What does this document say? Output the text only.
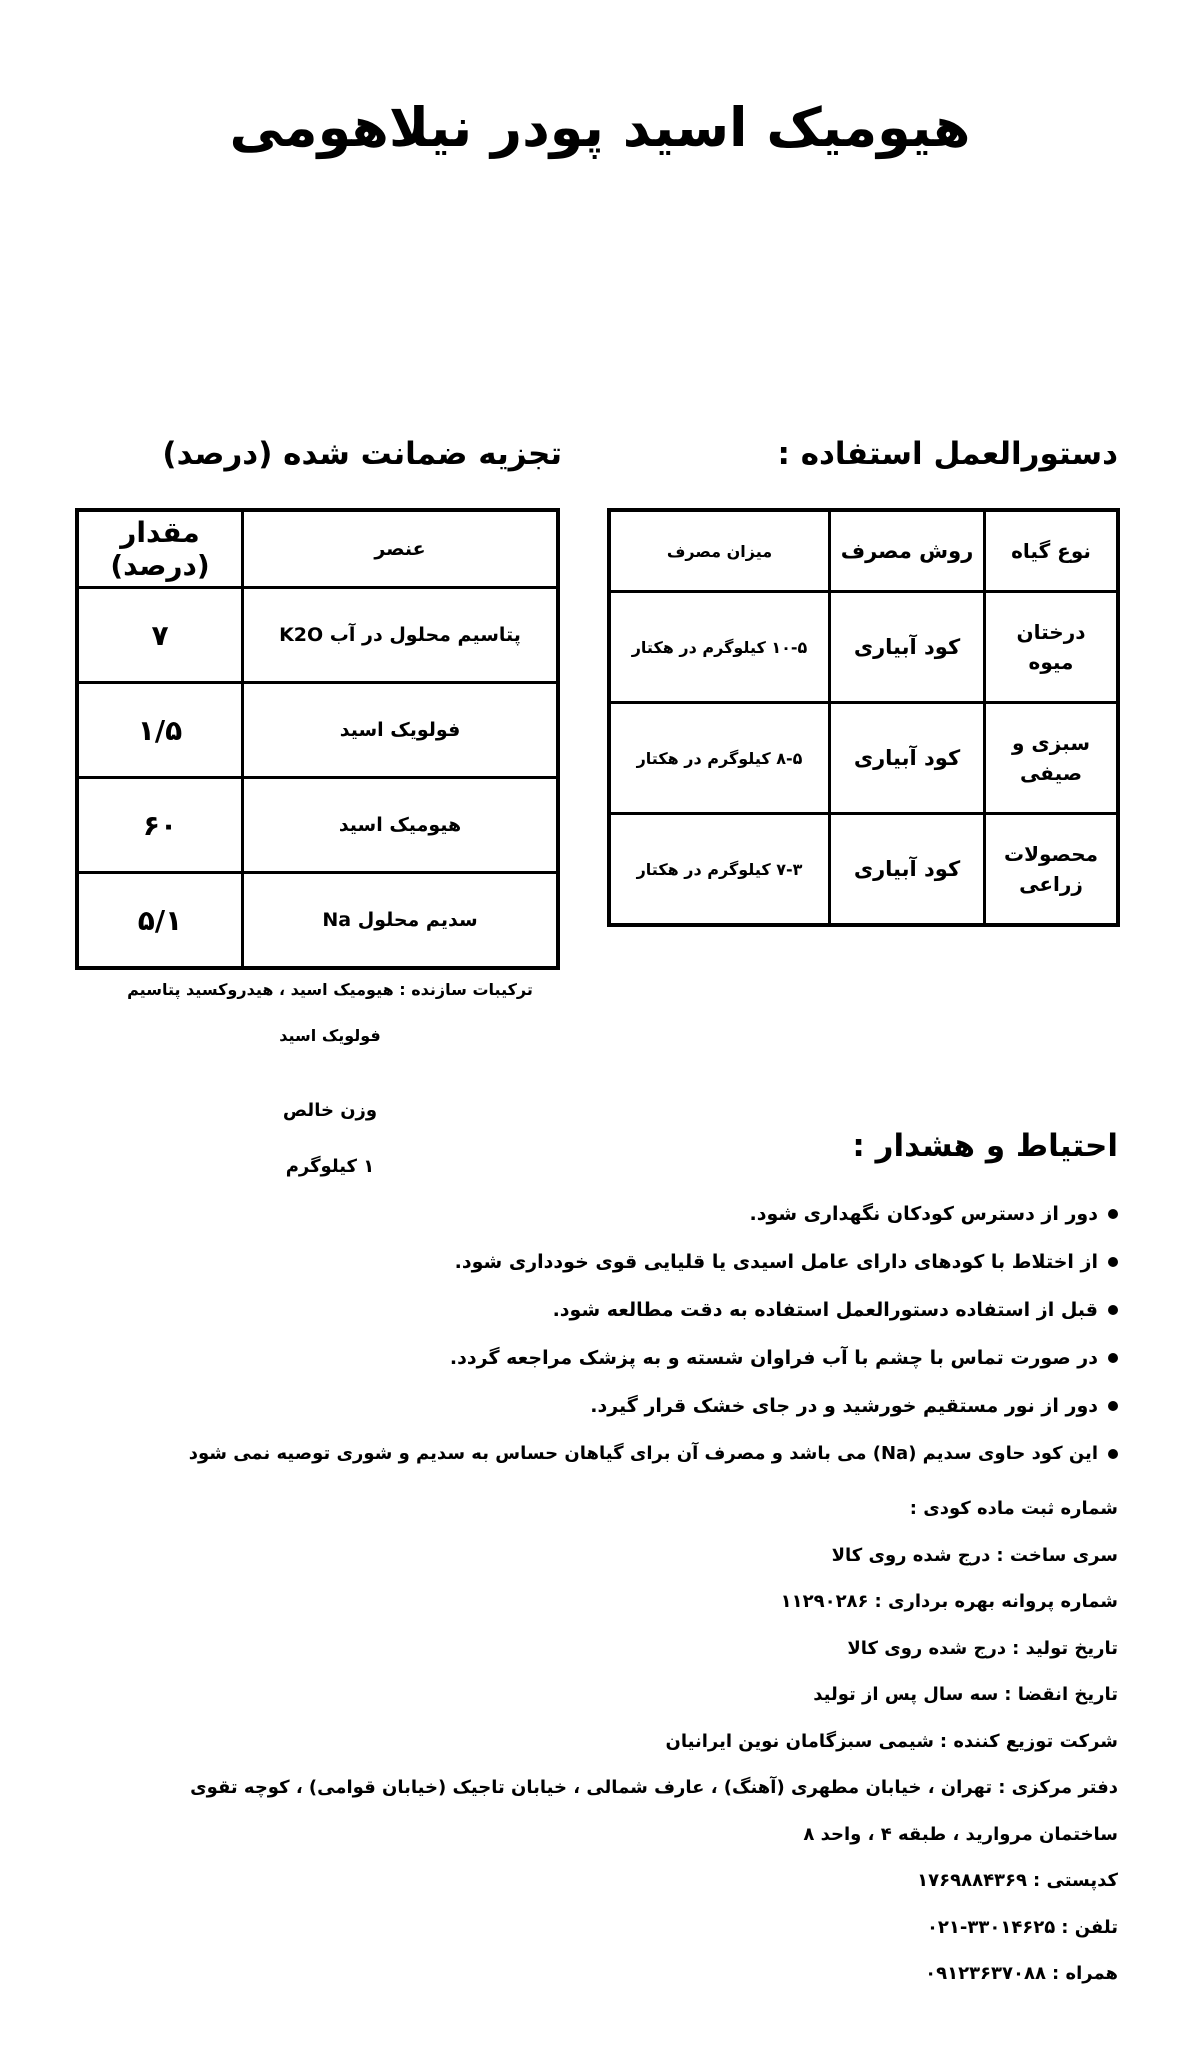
هیومیک اسید پودر نیلاهومی
دستورالعمل استفاده :
نوع گیاه	روش مصرف	میزان مصرف
درختان میوه	کود آبیاری	۱۰-۵ کیلوگرم در هکتار
سبزی و صیفی	کود آبیاری	۸-۵ کیلوگرم در هکتار
محصولات زراعی	کود آبیاری	۷-۳ کیلوگرم در هکتار
تجزیه ضمانت شده (درصد)
عنصر	مقدار (درصد)
پتاسیم محلول در آب K2O	۷
فولویک اسید	۱/۵
هیومیک اسید	۶۰
سدیم محلول Na	۵/۱
ترکیبات سازنده : هیومیک اسید ، هیدروکسید پتاسیم
فولویک اسید
وزن خالص
۱ کیلوگرم
احتیاط و هشدار :
دور از دسترس کودکان نگهداری شود.
از اختلاط با کودهای دارای عامل اسیدی یا قلیایی قوی خودداری شود.
قبل از استفاده دستورالعمل استفاده به دقت مطالعه شود.
در صورت تماس با چشم با آب فراوان شسته و به پزشک مراجعه گردد.
دور از نور مستقیم خورشید و در جای خشک قرار گیرد.
این کود حاوی سدیم (Na) می باشد و مصرف آن برای گیاهان حساس به سدیم و شوری توصیه نمی شود
شماره ثبت ماده کودی :
سری ساخت :
درج شده روی کالا
شماره پروانه بهره برداری :
۱۱۲۹۰۲۸۶
تاریخ تولید :
درج شده روی کالا
تاریخ انقضا :
سه سال پس از تولید
شرکت توزیع کننده :
شیمی سبزگامان نوین ایرانیان
دفتر مرکزی :
تهران ، خیابان مطهری (آهنگ) ، عارف شمالی ، خیابان تاجیک (خیابان قوامی) ، کوچه تقوی
ساختمان مروارید ، طبقه ۴ ، واحد ۸
کدپستی :
۱۷۶۹۸۸۴۳۶۹
تلفن :
۰۲۱-۳۳۰۱۴۶۲۵
همراه :
۰۹۱۲۳۶۳۷۰۸۸
